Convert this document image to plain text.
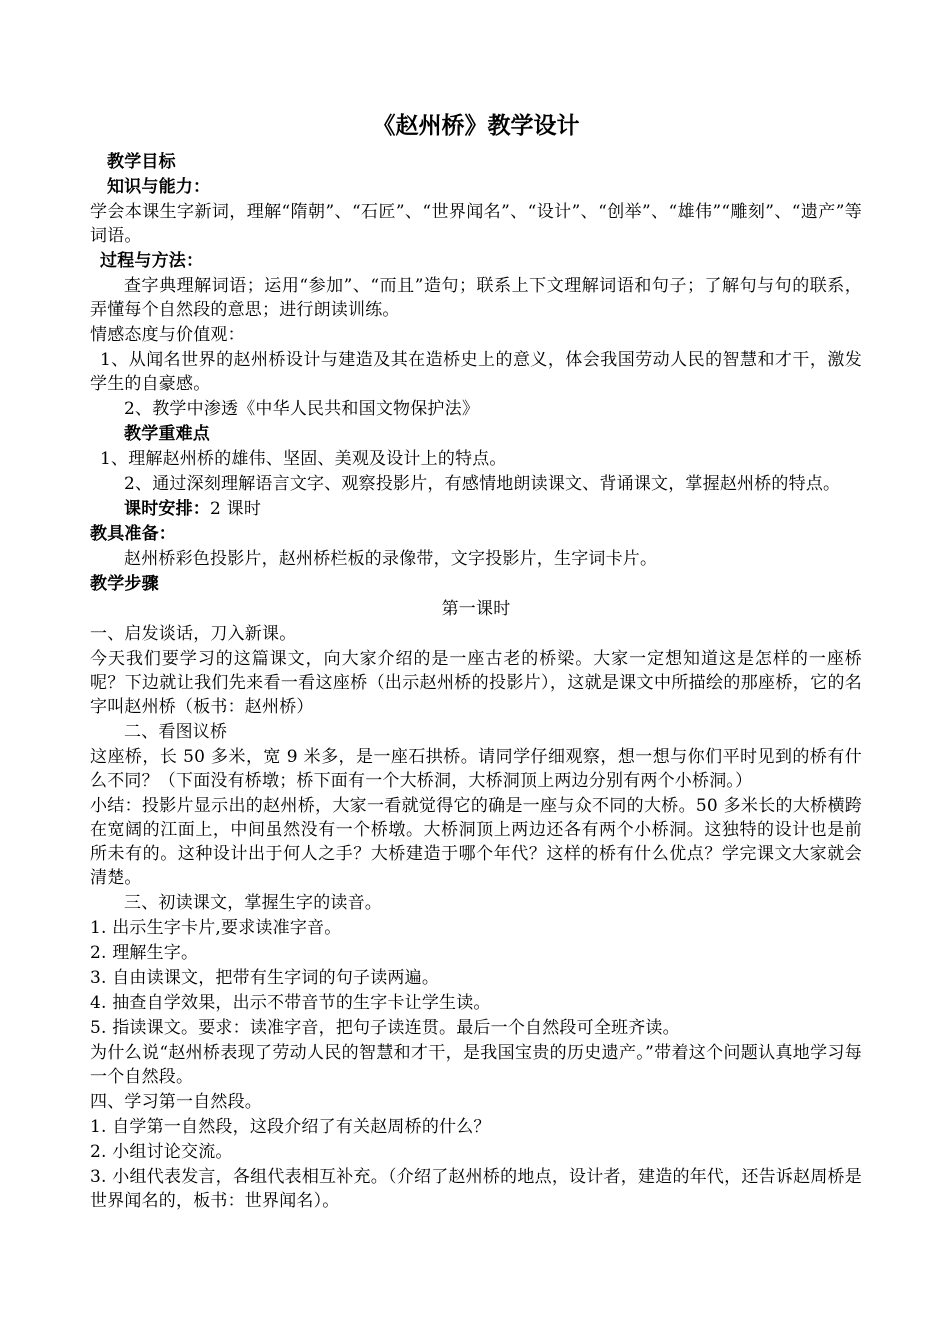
《赵州桥》教学设计
教学目标
知识与能力：
学会本课生字新词，理解“隋朝”、“石匠”、“世界闻名”、“设计”、“创举”、“雄伟”“雕刻”、“遗产”等词语。
过程与方法：
查字典理解词语；运用“参加”、“而且”造句；联系上下文理解词语和句子；了解句与句的联系，弄懂每个自然段的意思；进行朗读训练。
情感态度与价值观：
1、从闻名世界的赵州桥设计与建造及其在造桥史上的意义，体会我国劳动人民的智慧和才干，激发学生的自豪感。
2、教学中渗透《中华人民共和国文物保护法》
教学重难点
1、理解赵州桥的雄伟、坚固、美观及设计上的特点。
2、通过深刻理解语言文字、观察投影片，有感情地朗读课文、背诵课文，掌握赵州桥的特点。
课时安排：2 课时
教具准备：
赵州桥彩色投影片，赵州桥栏板的录像带，文字投影片，生字词卡片。
教学步骤
第一课时
一、启发谈话，刀入新课。
今天我们要学习的这篇课文，向大家介绍的是一座古老的桥梁。大家一定想知道这是怎样的一座桥呢？下边就让我们先来看一看这座桥（出示赵州桥的投影片），这就是课文中所描绘的那座桥，它的名字叫赵州桥（板书：赵州桥）
二、看图议桥
这座桥，长 50 多米，宽 9 米多，是一座石拱桥。请同学仔细观察，想一想与你们平时见到的桥有什么不同？（下面没有桥墩；桥下面有一个大桥洞，大桥洞顶上两边分别有两个小桥洞。）
小结：投影片显示出的赵州桥，大家一看就觉得它的确是一座与众不同的大桥。50 多米长的大桥横跨在宽阔的江面上，中间虽然没有一个桥墩。大桥洞顶上两边还各有两个小桥洞。这独特的设计也是前所未有的。这种设计出于何人之手？大桥建造于哪个年代？这样的桥有什么优点？学完课文大家就会清楚。
三、初读课文，掌握生字的读音。
1. 出示生字卡片,要求读准字音。
2. 理解生字。
3. 自由读课文，把带有生字词的句子读两遍。
4. 抽查自学效果，出示不带音节的生字卡让学生读。
5. 指读课文。要求：读准字音，把句子读连贯。最后一个自然段可全班齐读。
为什么说“赵州桥表现了劳动人民的智慧和才干，是我国宝贵的历史遗产。”带着这个问题认真地学习每一个自然段。
四、学习第一自然段。
1. 自学第一自然段，这段介绍了有关赵周桥的什么？
2. 小组讨论交流。
3. 小组代表发言，各组代表相互补充。（介绍了赵州桥的地点，设计者，建造的年代，还告诉赵周桥是世界闻名的，板书：世界闻名）。
